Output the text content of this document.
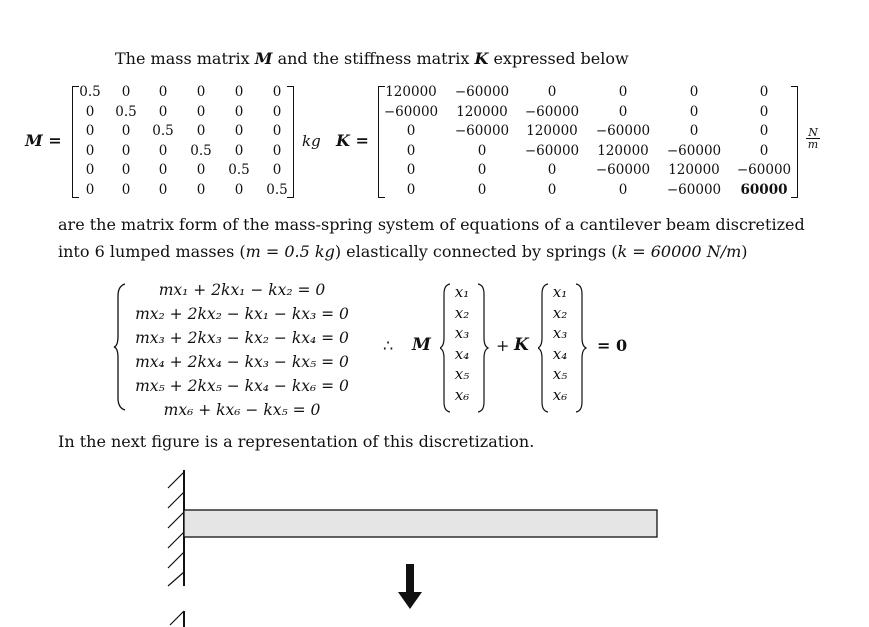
The mass matrix M and the stiffness matrix K expressed below
M =
0.5	0	0	0	0	0
0	0.5	0	0	0	0
0	0	0.5	0	0	0
0	0	0	0.5	0	0
0	0	0	0	0.5	0
0	0	0	0	0	0.5
kg K =
120000	−60000	0	0	0	0
−60000	120000	−60000	0	0	0
0	−60000	120000	−60000	0	0
0	0	−60000	120000	−60000	0
0	0	0	−60000	120000	−60000
0	0	0	0	−60000	60000
$\frac{N}{m}$
are the matrix form of the mass-spring system of equations of a cantilever beam discretized
into 6 lumped masses (m = 0.5 kg) elastically connected by springs (k = 60000 N/m)
mx₁ + 2kx₁ − kx₂ = 0
mx₂ + 2kx₂ − kx₁ − kx₃ = 0
mx₃ + 2kx₃ − kx₂ − kx₄ = 0
mx₄ + 2kx₄ − kx₃ − kx₅ = 0
mx₅ + 2kx₅ − kx₄ − kx₆ = 0
mx₆ + kx₆ − kx₅ = 0
∴ M
x₁
x₂
x₃
x₄
x₅
x₆
+ K
x₁
x₂
x₃
x₄
x₅
x₆
= 0
In the next figure is a representation of this discretization.
